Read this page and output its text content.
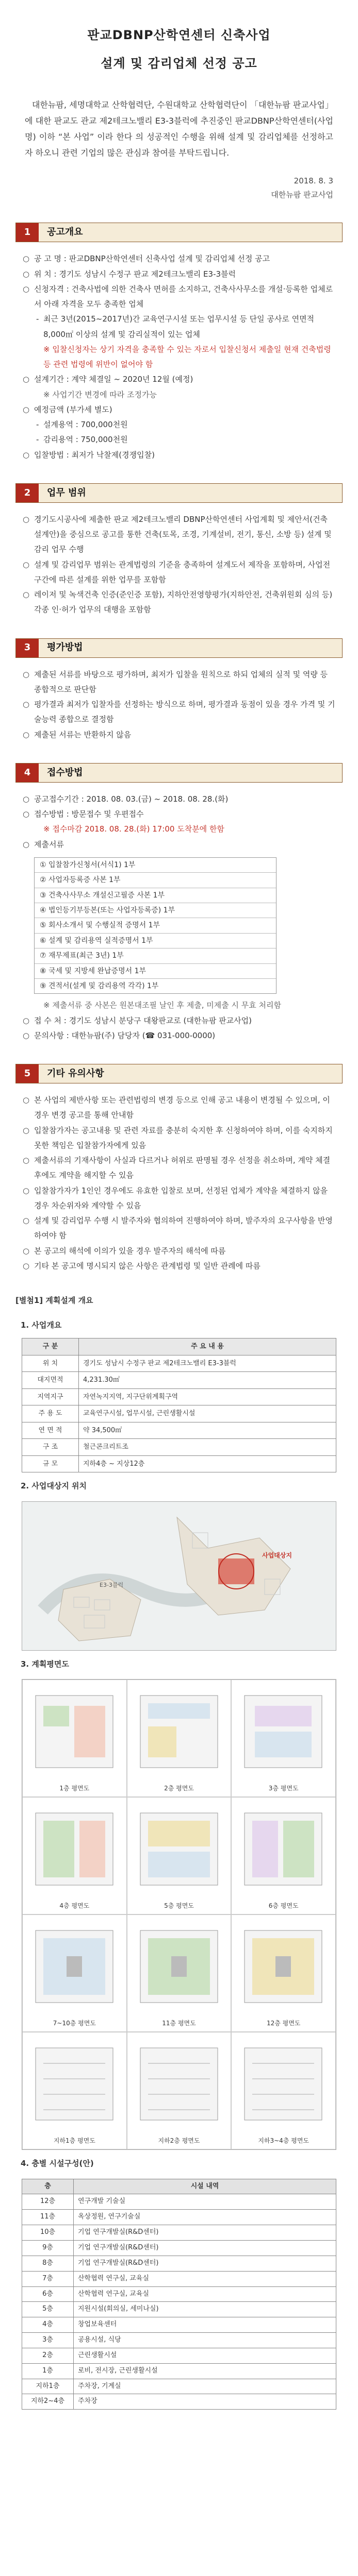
판교DBNP산학연센터 신축사업
설계 및 감리업체 선정 공고
대한뉴팜, 세명대학교 산학협력단, 수원대학교 산학협력단이 「대한뉴팜 판교사업」 에 대한 판교도 관교 제2테크노밸리 E3-3블럭에 추진중인 판교DBNP산학연센터(사업명) 이하 “본 사업” 이라 한다 의 성공적인 수행을 위해 설계 및 감리업체를 선정하고자 하오니 관련 기업의 많은 관심과 참여를 부탁드립니다.
2018. 8. 3
대한뉴팜 판교사업
1	공고개요
○ 공 고 명 : 판교DBNP산학연센터 신축사업 설계 및 감리업체 선정 공고
○ 위 치 : 경기도 성남시 수정구 판교 제2테크노밸리 E3-3블럭
○ 신청자격 : 건축사법에 의한 건축사 면허를 소지하고, 건축사사무소를 개설·등록한 업체로서 아래 자격을 모두 충족한 업체
- 최근 3년(2015~2017년)간 교육연구시설 또는 업무시설 등 단일 공사로 연면적 8,000㎡ 이상의 설계 및 감리실적이 있는 업체
※ 입찰신청자는 상기 자격을 충족할 수 있는 자로서 입찰신청서 제출일 현재 건축법령 등 관련 법령에 위반이 없어야 함
○ 설계기간 : 계약 체결일 ~ 2020년 12월 (예정)
※ 사업기간 변경에 따라 조정가능
○ 예정금액 (부가세 별도)
- 설계용역 : 700,000천원
- 감리용역 : 750,000천원
○ 입찰방법 : 최저가 낙찰제(경쟁입찰)
2	업무 범위
○ 경기도시공사에 제출한 판교 제2테크노밸리 DBNP산학연센터 사업계획 및 제안서(건축 설계안)을 중심으로 공고를 통한 건축(토목, 조경, 기계설비, 전기, 통신, 소방 등) 설계 및 감리 업무 수행
○ 설계 및 감리업무 범위는 관계법령의 기준을 충족하여 설계도서 제작을 포함하며, 사업전 구간에 따른 설계를 위한 업무를 포함함
○ 레이저 및 녹색건축 인증(준인증 포함), 지하안전영향평가(지하안전, 건축위원회 심의 등) 각종 인·허가 업무의 대행을 포함함
3	평가방법
○ 제출된 서류를 바탕으로 평가하며, 최저가 입찰을 원칙으로 하되 업체의 실적 및 역량 등 종합적으로 판단함
○ 평가결과 최저가 입찰자를 선정하는 방식으로 하며, 평가결과 동점이 있을 경우 가격 및 기술능력 종합으로 결정함
○ 제출된 서류는 반환하지 않음
4	접수방법
○ 공고접수기간 : 2018. 08. 03.(금) ~ 2018. 08. 28.(화)
○ 접수방법 : 방문접수 및 우편접수
※ 접수마감 2018. 08. 28.(화) 17:00 도착분에 한함
○ 제출서류
① 입찰참가신청서(서식1) 1부
② 사업자등록증 사본 1부
③ 건축사사무소 개설신고필증 사본 1부
④ 법인등기부등본(또는 사업자등록증) 1부
⑤ 회사소개서 및 수행실적 증명서 1부
⑥ 설계 및 감리용역 실적증명서 1부
⑦ 재무제표(최근 3년) 1부
⑧ 국세 및 지방세 완납증명서 1부
⑨ 견적서(설계 및 감리용역 각각) 1부
※ 제출서류 중 사본은 원본대조필 날인 후 제출, 미제출 시 무효 처리함
○ 접 수 처 : 경기도 성남시 분당구 대왕판교로 (대한뉴팜 판교사업)
○ 문의사항 : 대한뉴팜(주) 담당자 (☎ 031-000-0000)
5	기타 유의사항
○ 본 사업의 제반사항 또는 관련법령의 변경 등으로 인해 공고 내용이 변경될 수 있으며, 이 경우 변경 공고를 통해 안내함
○ 입찰참가자는 공고내용 및 관련 자료를 충분히 숙지한 후 신청하여야 하며, 이를 숙지하지 못한 책임은 입찰참가자에게 있음
○ 제출서류의 기재사항이 사실과 다르거나 허위로 판명될 경우 선정을 취소하며, 계약 체결 후에도 계약을 해지할 수 있음
○ 입찰참가자가 1인인 경우에도 유효한 입찰로 보며, 선정된 업체가 계약을 체결하지 않을 경우 차순위자와 계약할 수 있음
○ 설계 및 감리업무 수행 시 발주자와 협의하여 진행하여야 하며, 발주자의 요구사항을 반영하여야 함
○ 본 공고의 해석에 이의가 있을 경우 발주자의 해석에 따름
○ 기타 본 공고에 명시되지 않은 사항은 관계법령 및 일반 관례에 따름
[별첨1] 계획설계 개요
1. 사업개요
구 분	주 요 내 용
위 치	경기도 성남시 수정구 판교 제2테크노밸리 E3-3블럭
대지면적	4,231.30㎡
지역지구	자연녹지지역, 지구단위계획구역
주 용 도	교육연구시설, 업무시설, 근린생활시설
연 면 적	약 34,500㎡
구 조	철근콘크리트조
규 모	지하4층 ~ 지상12층
2. 사업대상지 위치
사업대상지
E3-3블럭
3. 계획평면도
1층 평면도	2층 평면도	3층 평면도
4층 평면도	5층 평면도	6층 평면도
7~10층 평면도	11층 평면도	12층 평면도
지하1층 평면도	지하2층 평면도	지하3~4층 평면도
4. 층별 시설구성(안)
층	시설 내역
12층	연구개발 기술실
11층	옥상정원, 연구기술실
10층	기업 연구개발실(R&D센터)
9층	기업 연구개발실(R&D센터)
8층	기업 연구개발실(R&D센터)
7층	산학협력 연구실, 교육실
6층	산학협력 연구실, 교육실
5층	지원시설(회의실, 세미나실)
4층	창업보육센터
3층	공용시설, 식당
2층	근린생활시설
1층	로비, 전시장, 근린생활시설
지하1층	주차장, 기계실
지하2~4층	주차장
